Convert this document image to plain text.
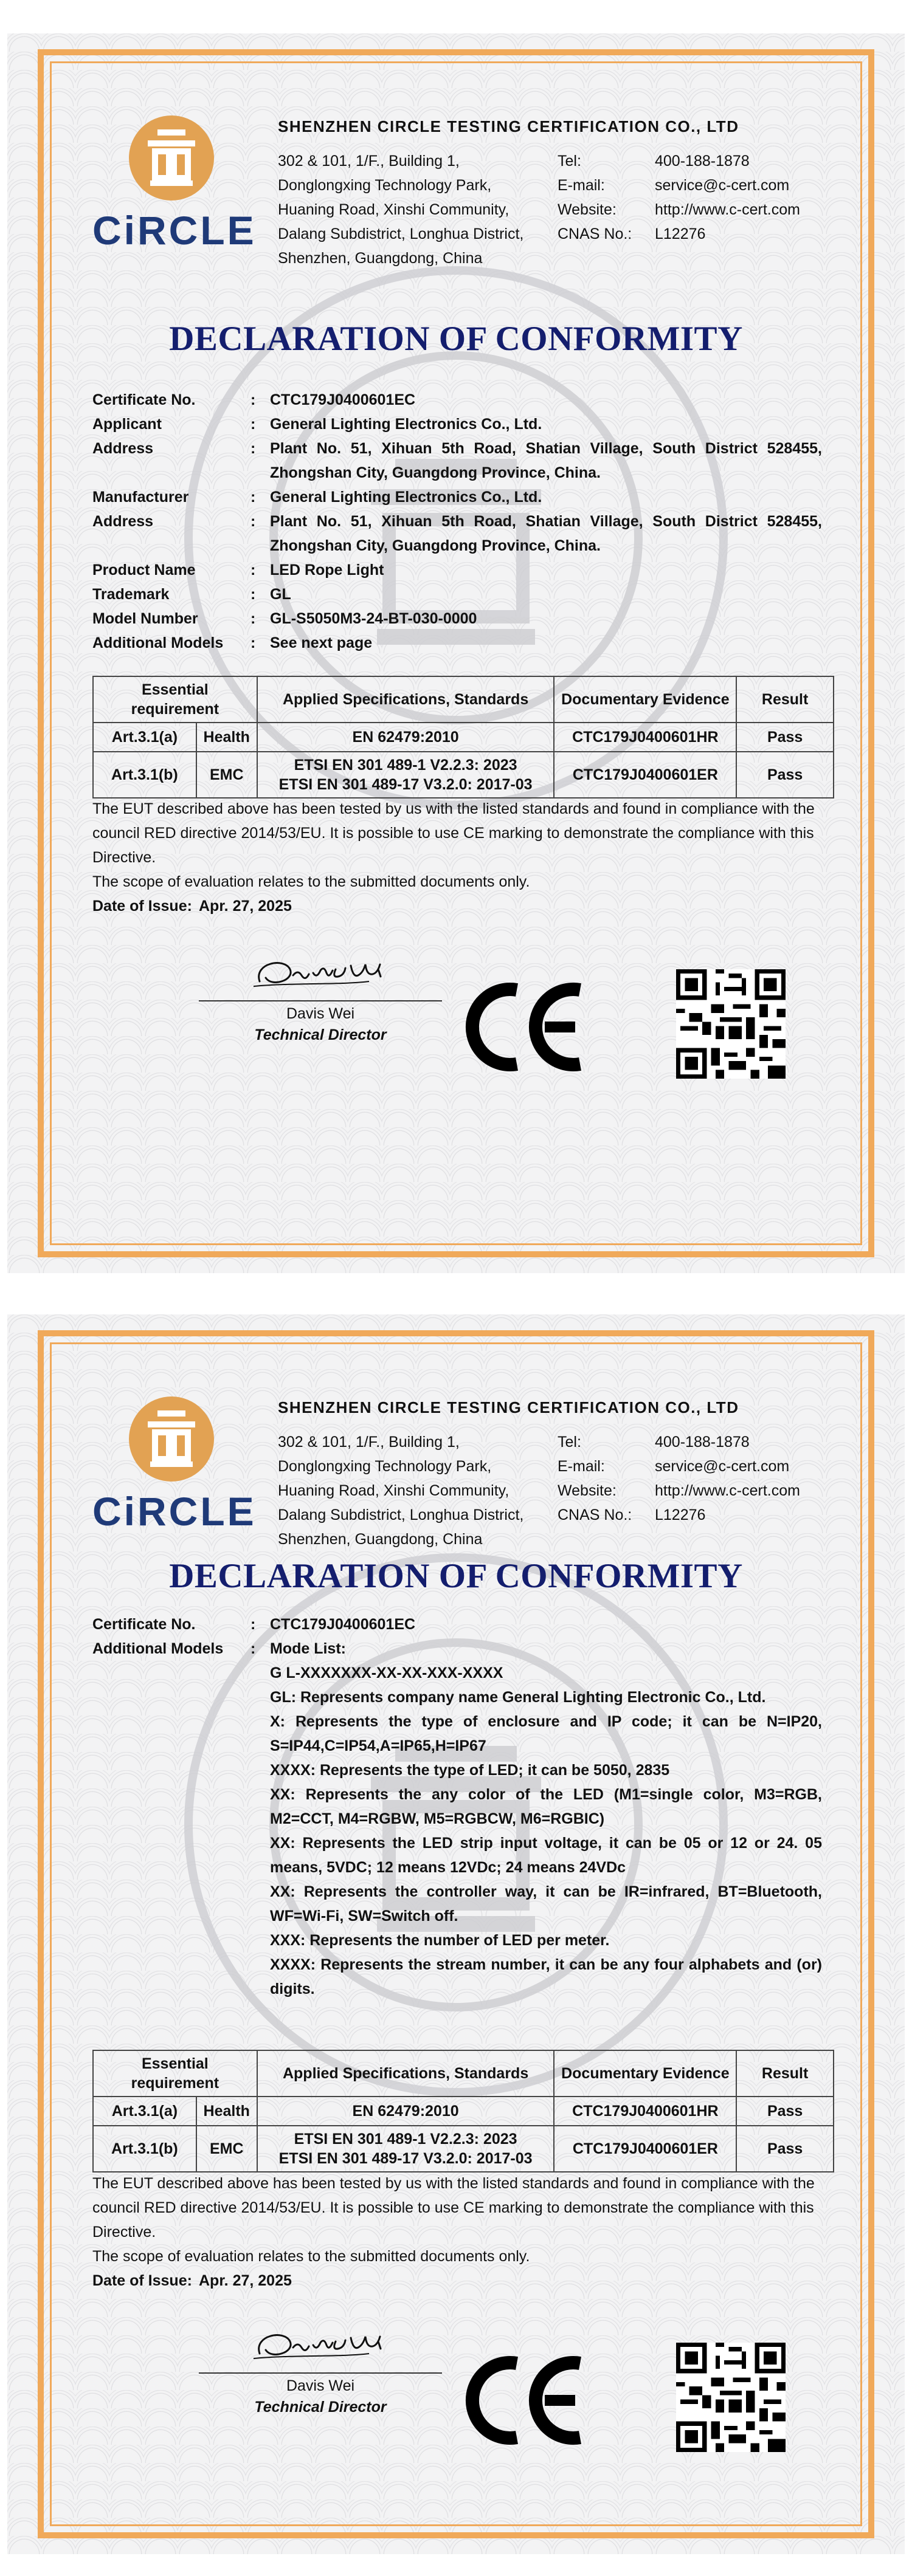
CiRCLE
SHENZHEN CIRCLE TESTING CERTIFICATION CO., LTD
302 & 101, 1/F., Building 1,
Donglongxing Technology Park,
Huaning Road, Xinshi Community,
Dalang Subdistrict, Longhua District,
Shenzhen, Guangdong, China
Tel:	400-188-1878
E-mail:	service@c-cert.com
Website:	http://www.c-cert.com
CNAS No.:	L12276
DECLARATION OF CONFORMITY
Certificate No.	: CTC179J0400601EC
Applicant	: General Lighting Electronics Co., Ltd.
Address	: Plant No. 51, Xihuan 5th Road, Shatian Village, South District 528455, Zhongshan City, Guangdong Province, China.
Manufacturer	: General Lighting Electronics Co., Ltd.
Address	: Plant No. 51, Xihuan 5th Road, Shatian Village, South District 528455, Zhongshan City, Guangdong Province, China.
Product Name	: LED Rope Light
Trademark	: GL
Model Number	: GL-S5050M3-24-BT-030-0000
Additional Models	: See next page
Essential requirement		Applied Specifications, Standards	Documentary Evidence	Result
Art.3.1(a)	Health	EN 62479:2010	CTC179J0400601HR	Pass
Art.3.1(b)	EMC	ETSI EN 301 489-1 V2.2.3: 2023
ETSI EN 301 489-17 V3.2.0: 2017-03	CTC179J0400601ER	Pass
The EUT described above has been tested by us with the listed standards and found in compliance with the council RED directive 2014/53/EU. It is possible to use CE marking to demonstrate the compliance with this Directive.
The scope of evaluation relates to the submitted documents only.
Date of Issue: Apr. 27, 2025
Davis Wei
Technical Director
CiRCLE
SHENZHEN CIRCLE TESTING CERTIFICATION CO., LTD
302 & 101, 1/F., Building 1,
Donglongxing Technology Park,
Huaning Road, Xinshi Community,
Dalang Subdistrict, Longhua District,
Shenzhen, Guangdong, China
Tel:	400-188-1878
E-mail:	service@c-cert.com
Website:	http://www.c-cert.com
CNAS No.:	L12276
DECLARATION OF CONFORMITY
Certificate No.	: CTC179J0400601EC
Additional Models	: Mode List:
G L-XXXXXXX-XX-XX-XXX-XXXX
GL: Represents company name General Lighting Electronic Co., Ltd.
X: Represents the type of enclosure and IP code; it can be N=IP20, S=IP44,C=IP54,A=IP65,H=IP67
XXXX: Represents the type of LED; it can be 5050, 2835
XX: Represents the any color of the LED (M1=single color, M3=RGB, M2=CCT, M4=RGBW, M5=RGBCW, M6=RGBIC)
XX: Represents the LED strip input voltage, it can be 05 or 12 or 24. 05 means, 5VDC; 12 means 12VDc; 24 means 24VDc
XX: Represents the controller way, it can be IR=infrared, BT=Bluetooth, WF=Wi-Fi, SW=Switch off.
XXX: Represents the number of LED per meter.
XXXX: Represents the stream number, it can be any four alphabets and (or) digits.
Essential requirement		Applied Specifications, Standards	Documentary Evidence	Result
Art.3.1(a)	Health	EN 62479:2010	CTC179J0400601HR	Pass
Art.3.1(b)	EMC	ETSI EN 301 489-1 V2.2.3: 2023
ETSI EN 301 489-17 V3.2.0: 2017-03	CTC179J0400601ER	Pass
The EUT described above has been tested by us with the listed standards and found in compliance with the council RED directive 2014/53/EU. It is possible to use CE marking to demonstrate the compliance with this Directive.
The scope of evaluation relates to the submitted documents only.
Date of Issue: Apr. 27, 2025
Davis Wei
Technical Director
